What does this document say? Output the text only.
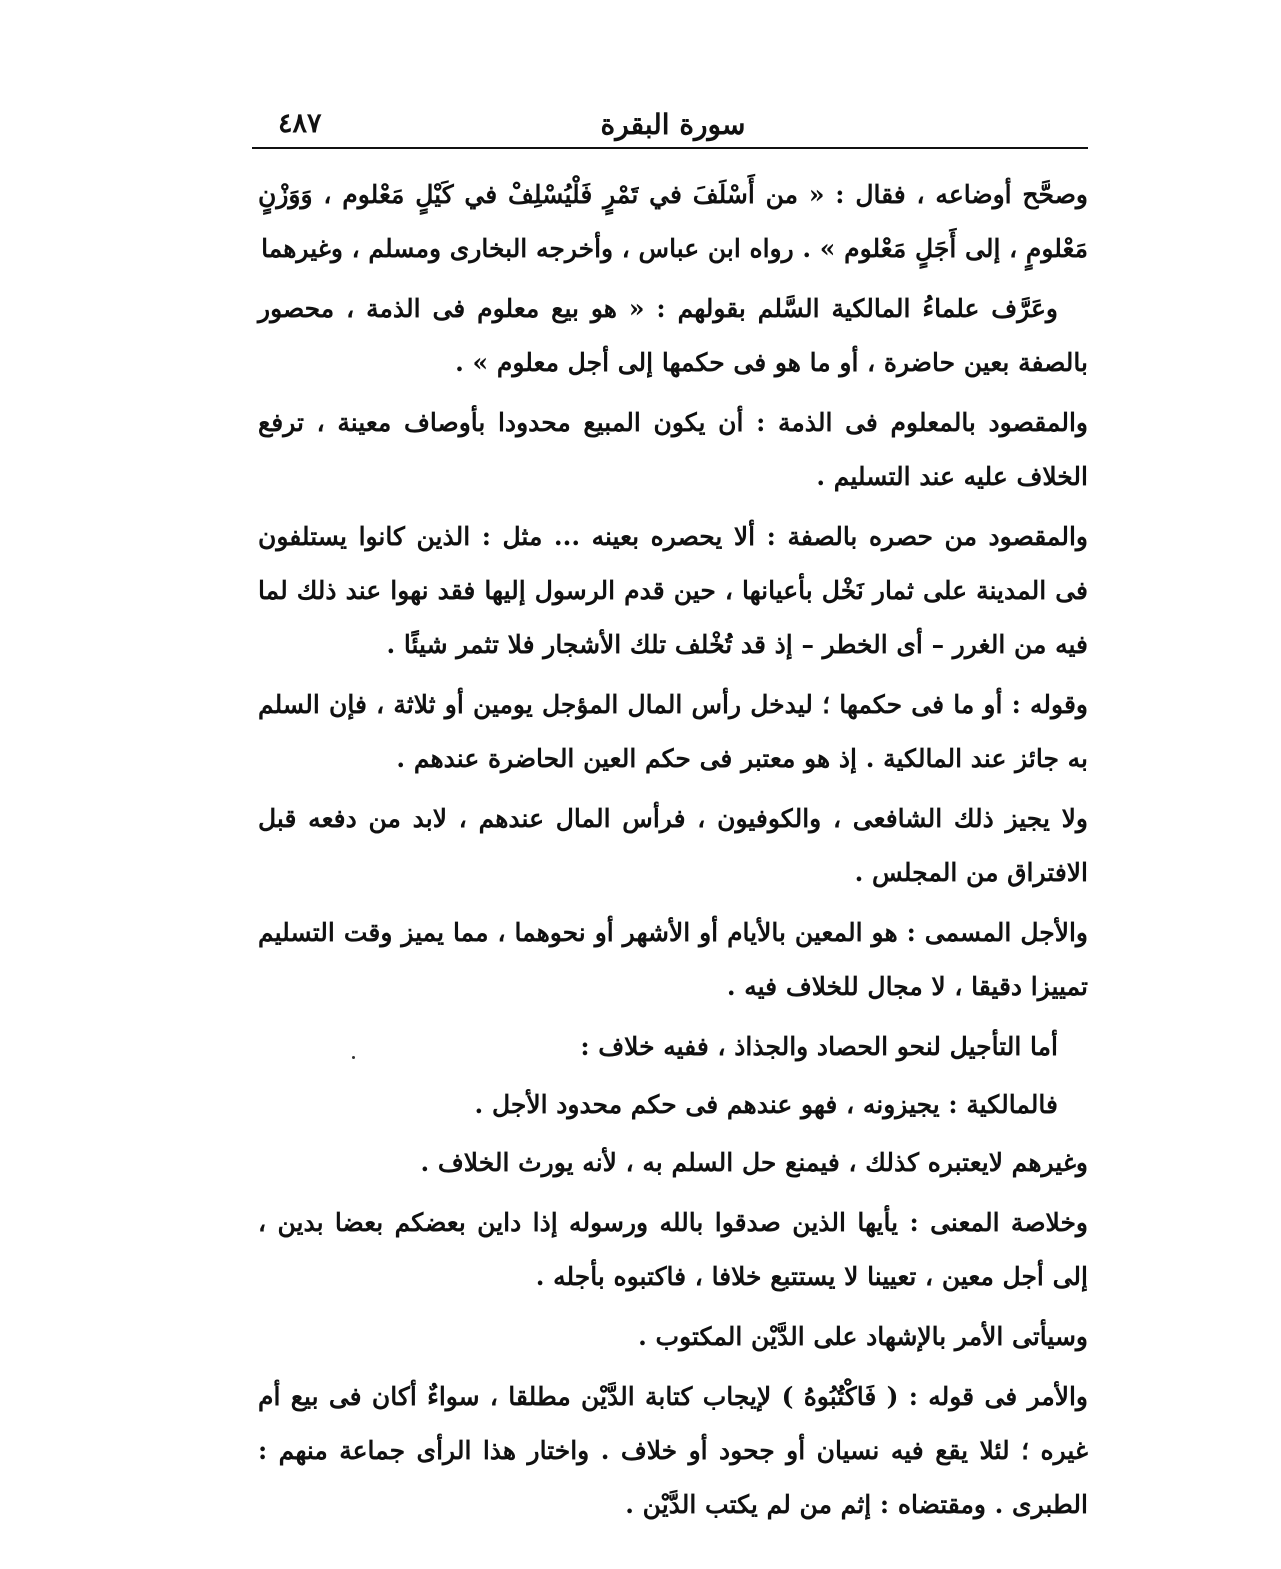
سورة البقرة
٤٨٧

وصحَّح أوضاعه ، فقال : « من أَسْلَفَ في تَمْرٍ فَلْيُسْلِفْ في كَيْلٍ مَعْلوم ، وَوَزْنٍ مَعْلومٍ ، إلى أَجَلٍ مَعْلوم » . رواه ابن عباس ، وأخرجه البخارى ومسلم ، وغيرهما

وعَرَّف علماءُ المالكية السَّلم بقولهم : « هو بيع معلوم فى الذمة ، محصور بالصفة بعين حاضرة ، أو ما هو فى حكمها إلى أجل معلوم » .

والمقصود بالمعلوم فى الذمة : أن يكون المبيع محدودا بأوصاف معينة ، ترفع الخلاف عليه عند التسليم .

والمقصود من حصره بالصفة : ألا يحصره بعينه ... مثل : الذين كانوا يستلفون فى المدينة على ثمار نَخْل بأعيانها ، حين قدم الرسول إليها فقد نهوا عند ذلك لما فيه من الغرر – أى الخطر – إذ قد تُخْلف تلك الأشجار فلا تثمر شيئًا .

وقوله : أو ما فى حكمها ؛ ليدخل رأس المال المؤجل يومين أو ثلاثة ، فإن السلم به جائز عند المالكية . إذ هو معتبر فى حكم العين الحاضرة عندهم .

ولا يجيز ذلك الشافعى ، والكوفيون ، فرأس المال عندهم ، لابد من دفعه قبل الافتراق من المجلس .

والأجل المسمى : هو المعين بالأيام أو الأشهر أو نحوهما ، مما يميز وقت التسليم تمييزا دقيقا ، لا مجال للخلاف فيه .

أما التأجيل لنحو الحصاد والجذاذ ، ففيه خلاف :

فالمالكية : يجيزونه ، فهو عندهم فى حكم محدود الأجل .

وغيرهم لايعتبره كذلك ، فيمنع حل السلم به ، لأنه يورث الخلاف .

وخلاصة المعنى : يأيها الذين صدقوا بالله ورسوله إذا داين بعضكم بعضا بدين ، إلى أجل معين ، تعيينا لا يستتبع خلافا ، فاكتبوه بأجله .

وسيأتى الأمر بالإشهاد على الدَّيْن المكتوب .

والأمر فى قوله : ( فَاكْتُبُوهُ ) لإيجاب كتابة الدَّيْن مطلقا ، سواءٌ أكان فى بيع أم غيره ؛ لئلا يقع فيه نسيان أو جحود أو خلاف . واختار هذا الرأى جماعة منهم : الطبرى . ومقتضاه : إثم من لم يكتب الدَّيْن .
